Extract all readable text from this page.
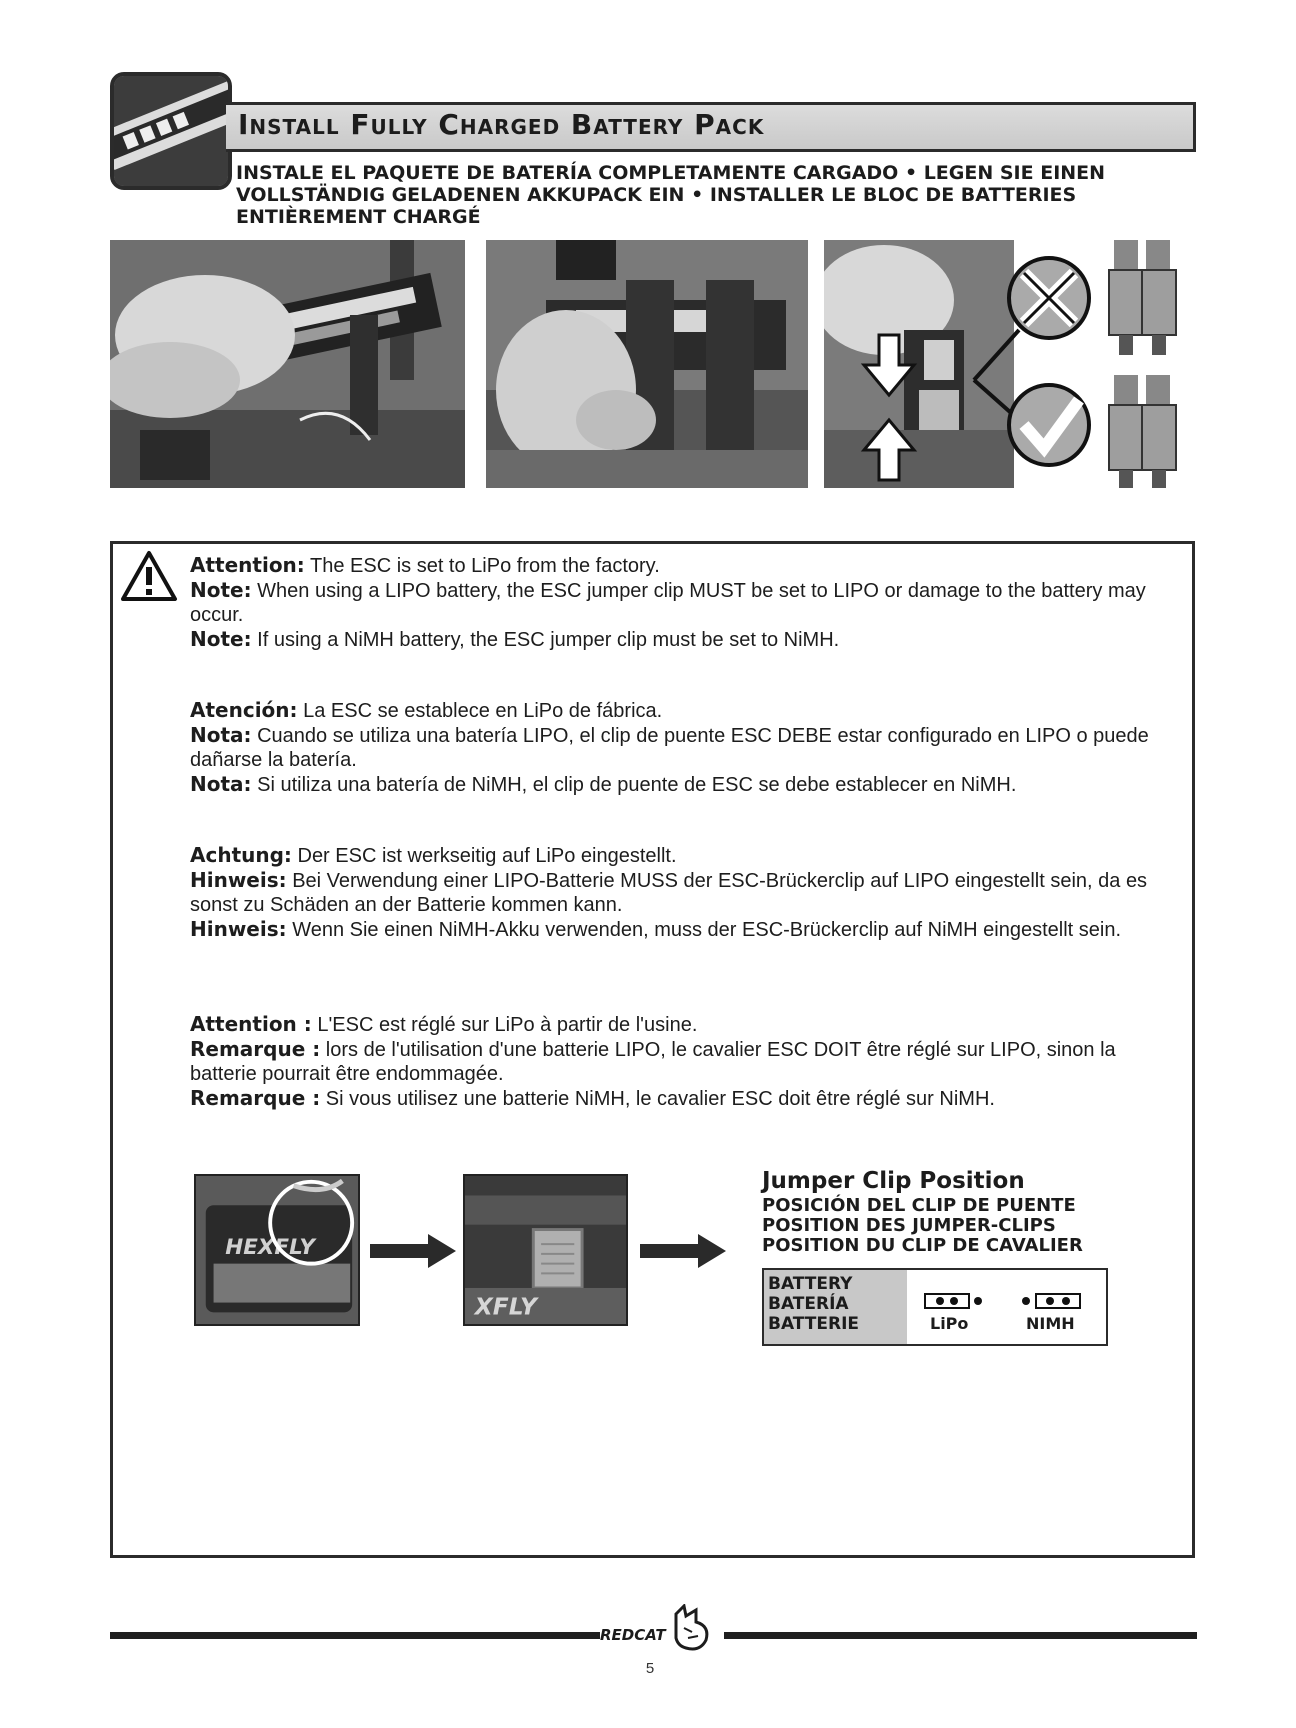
Install Fully Charged Battery Pack
INSTALE EL PAQUETE DE BATERÍA COMPLETAMENTE CARGADO • LEGEN SIE EINEN VOLLSTÄNDIG GELADENEN AKKUPACK EIN • INSTALLER LE BLOC DE BATTERIES ENTIÈREMENT CHARGÉ

Attention: The ESC is set to LiPo from the factory.

Note: When using a LIPO battery, the ESC jumper clip MUST be set to LIPO or damage to the battery may occur.

Note: If using a NiMH battery, the ESC jumper clip must be set to NiMH.

Atención: La ESC se establece en LiPo de fábrica.

Nota: Cuando se utiliza una batería LIPO, el clip de puente ESC DEBE estar configurado en LIPO o puede dañarse la batería.

Nota: Si utiliza una batería de NiMH, el clip de puente de ESC se debe establecer en NiMH.

Achtung: Der ESC ist werkseitig auf LiPo eingestellt.

Hinweis: Bei Verwendung einer LIPO-Batterie MUSS der ESC-Brückerclip auf LIPO eingestellt sein, da es sonst zu Schäden an der Batterie kommen kann.

Hinweis: Wenn Sie einen NiMH-Akku verwenden, muss der ESC-Brückerclip auf NiMH eingestellt sein.

Attention : L'ESC est réglé sur LiPo à partir de l'usine.

Remarque : lors de l'utilisation d'une batterie LIPO, le cavalier ESC DOIT être réglé sur LIPO, sinon la batterie pourrait être endommagée.

Remarque : Si vous utilisez une batterie NiMH, le cavalier ESC doit être réglé sur NiMH.

HEXFLY
XFLY
Jumper Clip Position
POSICIÓN DEL CLIP DE PUENTE
POSITION DES JUMPER-CLIPS
POSITION DU CLIP DE CAVALIER
BATTERY
BATERÍA
BATTERIE	LiPo	NIMH
REDCAT
5
